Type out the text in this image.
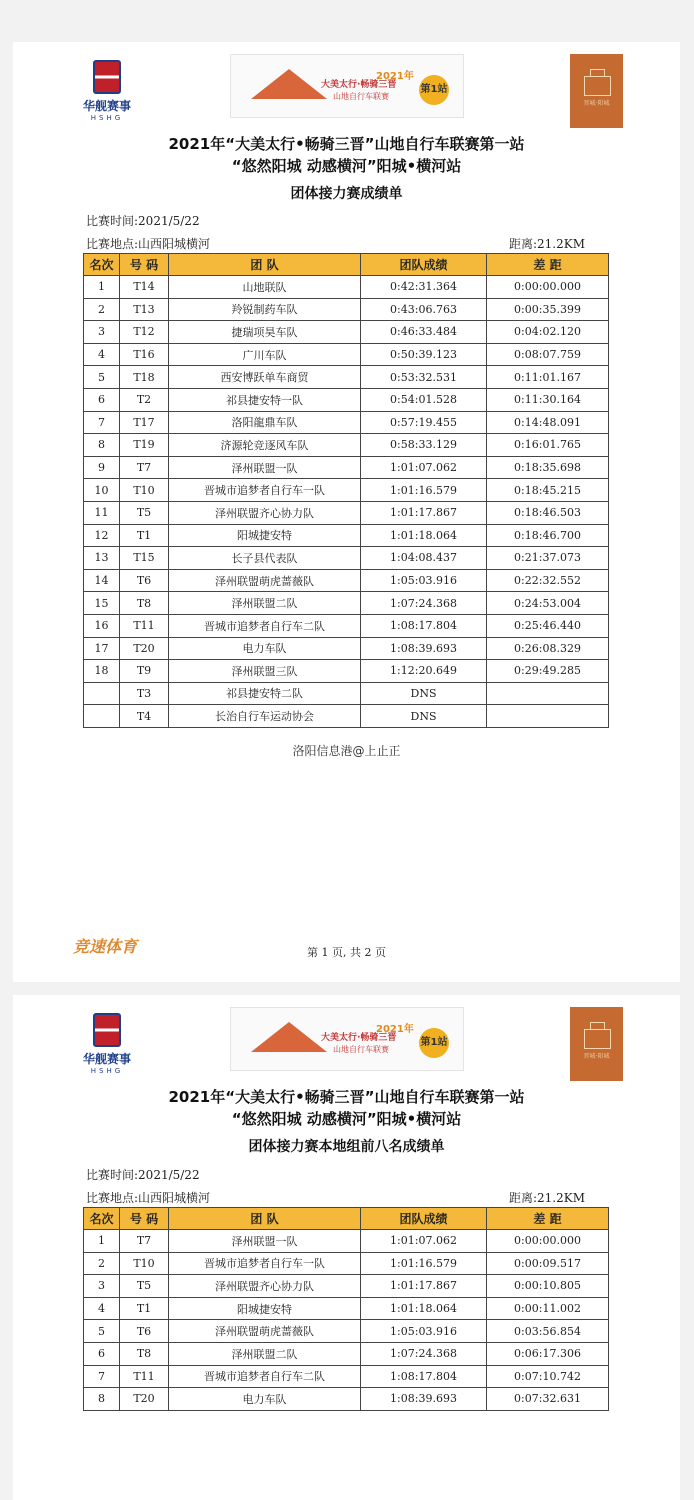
华舰赛事
HSHG
大美太行·畅骑三晋
山地自行车联赛
2021年
第1站
晋城·阳城
2021年“大美太行•畅骑三晋”山地自行车联赛第一站
“悠然阳城 动感横河”阳城•横河站
团体接力赛成绩单
比赛时间:2021/5/22
比赛地点:山西阳城横河	距离:21.2KM
名次	号 码	团 队	团队成绩	差 距
1	T14	山地联队	0:42:31.364	0:00:00.000
2	T13	羚锐制药车队	0:43:06.763	0:00:35.399
3	T12	捷瑞项昊车队	0:46:33.484	0:04:02.120
4	T16	广川车队	0:50:39.123	0:08:07.759
5	T18	西安博跃单车商贸	0:53:32.531	0:11:01.167
6	T2	祁县捷安特一队	0:54:01.528	0:11:30.164
7	T17	洛阳龍鼎车队	0:57:19.455	0:14:48.091
8	T19	济源轮竞逐风车队	0:58:33.129	0:16:01.765
9	T7	泽州联盟一队	1:01:07.062	0:18:35.698
10	T10	晋城市追梦者自行车一队	1:01:16.579	0:18:45.215
11	T5	泽州联盟齐心协力队	1:01:17.867	0:18:46.503
12	T1	阳城捷安特	1:01:18.064	0:18:46.700
13	T15	长子县代表队	1:04:08.437	0:21:37.073
14	T6	泽州联盟萌虎蔷薇队	1:05:03.916	0:22:32.552
15	T8	泽州联盟二队	1:07:24.368	0:24:53.004
16	T11	晋城市追梦者自行车二队	1:08:17.804	0:25:46.440
17	T20	电力车队	1:08:39.693	0:26:08.329
18	T9	泽州联盟三队	1:12:20.649	0:29:49.285
	T3	祁县捷安特二队	DNS	
	T4	长治自行车运动协会	DNS	
洛阳信息港@上止正
竞速体育	第 1 页, 共 2 页
华舰赛事
HSHG
大美太行·畅骑三晋
山地自行车联赛
2021年
第1站
晋城·阳城
2021年“大美太行•畅骑三晋”山地自行车联赛第一站
“悠然阳城 动感横河”阳城•横河站
团体接力赛本地组前八名成绩单
比赛时间:2021/5/22
比赛地点:山西阳城横河	距离:21.2KM
名次	号 码	团 队	团队成绩	差 距
1	T7	泽州联盟一队	1:01:07.062	0:00:00.000
2	T10	晋城市追梦者自行车一队	1:01:16.579	0:00:09.517
3	T5	泽州联盟齐心协力队	1:01:17.867	0:00:10.805
4	T1	阳城捷安特	1:01:18.064	0:00:11.002
5	T6	泽州联盟萌虎蔷薇队	1:05:03.916	0:03:56.854
6	T8	泽州联盟二队	1:07:24.368	0:06:17.306
7	T11	晋城市追梦者自行车二队	1:08:17.804	0:07:10.742
8	T20	电力车队	1:08:39.693	0:07:32.631
